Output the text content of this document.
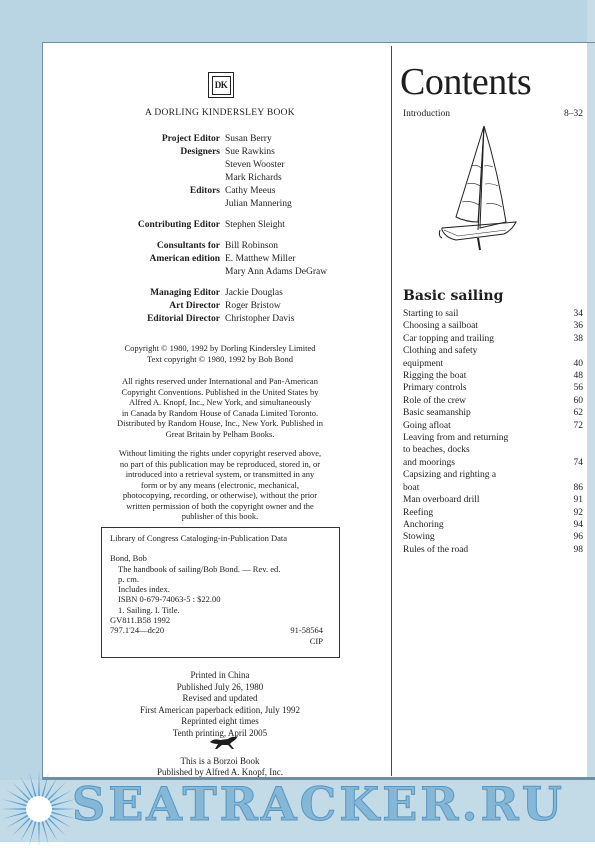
DK
A DORLING KINDERSLEY BOOK
Project Editor Susan Berry
Designers Sue Rawkins
Steven Wooster
Mark Richards
Editors Cathy Meeus
Julian Mannering
Contributing Editor Stephen Sleight
Consultants for Bill Robinson
American edition E. Matthew Miller
Mary Ann Adams DeGraw
Managing Editor Jackie Douglas
Art Director Roger Bristow
Editorial Director Christopher Davis
Copyright © 1980, 1992 by Dorling Kindersley Limited
Text copyright © 1980, 1992 by Bob Bond
All rights reserved under International and Pan-American
Copyright Conventions. Published in the United States by
Alfred A. Knopf, Inc., New York, and simultaneously
in Canada by Random House of Canada Limited Toronto.
Distributed by Random House, Inc., New York. Published in
Great Britain by Pelham Books.
Without limiting the rights under copyright reserved above,
no part of this publication may be reproduced, stored in, or
introduced into a retrieval system, or transmitted in any
form or by any means (electronic, mechanical,
photocopying, recording, or otherwise), without the prior
written permission of both the copyright owner and the
publisher of this book.
Library of Congress Cataloging-in-Publication Data
Bond, Bob
The handbook of sailing/Bob Bond. — Rev. ed.
p. cm.
Includes index.
ISBN 0-679-74063-5 : $22.00
1. Sailing. I. Title.
GV811.B58 1992
797.1'24—dc20	91-58564
CIP
Printed in China
Published July 26, 1980
Revised and updated
First American paperback edition, July 1992
Reprinted eight times
Tenth printing, April 2005
This is a Borzoi Book
Published by Alfred A. Knopf, Inc.
Contents
Introduction	8–32
Basic sailing
Starting to sail	34
Choosing a sailboat	36
Car topping and trailing	38
Clothing and safety
equipment	40
Rigging the boat	48
Primary controls	56
Role of the crew	60
Basic seamanship	62
Going afloat	72
Leaving from and returning
to beaches, docks
and moorings	74
Capsizing and righting a
boat	86
Man overboard drill	91
Reefing	92
Anchoring	94
Stowing	96
Rules of the road	98
SEATRACKER.RU
